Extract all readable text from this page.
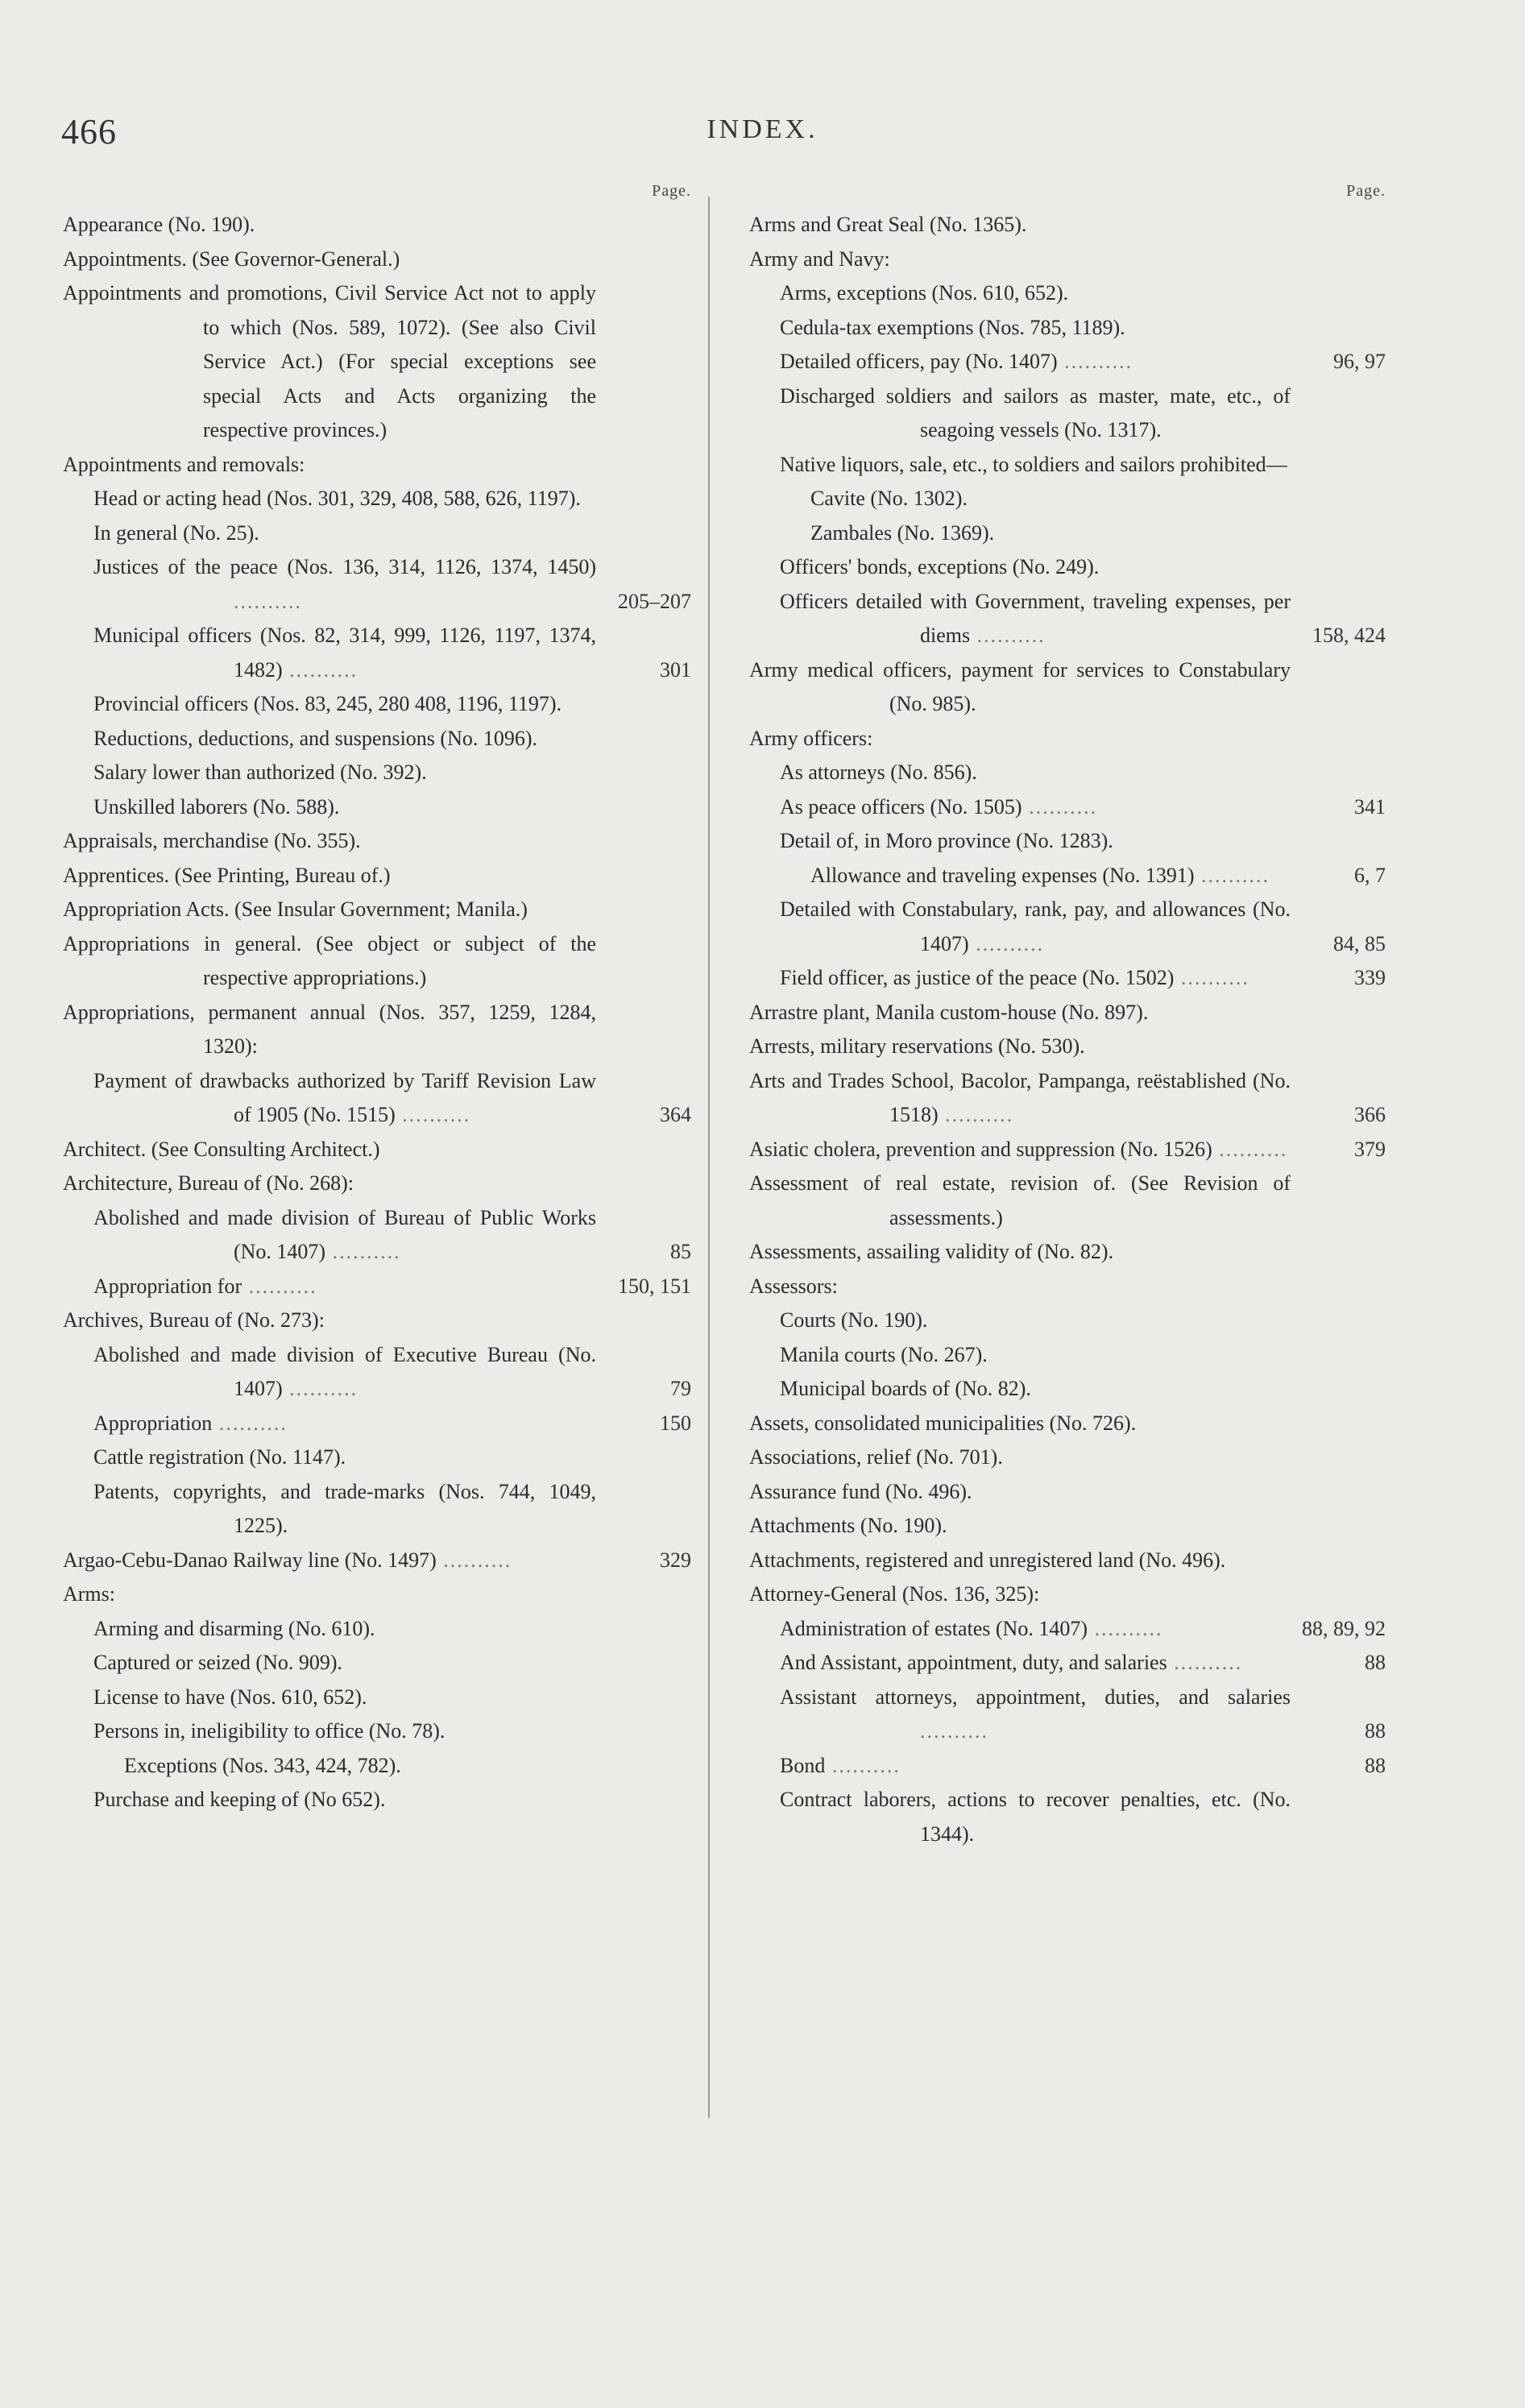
466	INDEX.
Page.
Appearance (No. 190).
Appointments. (See Governor-General.)
Appointments and promotions, Civil Service Act not to apply to which (Nos. 589, 1072). (See also Civil Service Act.) (For special exceptions see special Acts and Acts organizing the respective provinces.)
Appointments and removals:
Head or acting head (Nos. 301, 329, 408, 588, 626, 1197).
In general (No. 25).
Justices of the peace (Nos. 136, 314, 1126, 1374, 1450) ..........	205–207
Municipal officers (Nos. 82, 314, 999, 1126, 1197, 1374, 1482) ..........	301
Provincial officers (Nos. 83, 245, 280 408, 1196, 1197).
Reductions, deductions, and suspensions (No. 1096).
Salary lower than authorized (No. 392).
Unskilled laborers (No. 588).
Appraisals, merchandise (No. 355).
Apprentices. (See Printing, Bureau of.)
Appropriation Acts. (See Insular Government; Manila.)
Appropriations in general. (See object or subject of the respective appropriations.)
Appropriations, permanent annual (Nos. 357, 1259, 1284, 1320):
Payment of drawbacks authorized by Tariff Revision Law of 1905 (No. 1515) ..........	364
Architect. (See Consulting Architect.)
Architecture, Bureau of (No. 268):
Abolished and made division of Bureau of Public Works (No. 1407) ..........	85
Appropriation for ..........	150, 151
Archives, Bureau of (No. 273):
Abolished and made division of Executive Bureau (No. 1407) ..........	79
Appropriation ..........	150
Cattle registration (No. 1147).
Patents, copyrights, and trade-marks (Nos. 744, 1049, 1225).
Argao-Cebu-Danao Railway line (No. 1497) ..........	329
Arms:
Arming and disarming (No. 610).
Captured or seized (No. 909).
License to have (Nos. 610, 652).
Persons in, ineligibility to office (No. 78).
Exceptions (Nos. 343, 424, 782).
Purchase and keeping of (No 652).
Page.
Arms and Great Seal (No. 1365).
Army and Navy:
Arms, exceptions (Nos. 610, 652).
Cedula-tax exemptions (Nos. 785, 1189).
Detailed officers, pay (No. 1407) ..........	96, 97
Discharged soldiers and sailors as master, mate, etc., of seagoing vessels (No. 1317).
Native liquors, sale, etc., to soldiers and sailors prohibited—
Cavite (No. 1302).
Zambales (No. 1369).
Officers' bonds, exceptions (No. 249).
Officers detailed with Government, traveling expenses, per diems ..........	158, 424
Army medical officers, payment for services to Constabulary (No. 985).
Army officers:
As attorneys (No. 856).
As peace officers (No. 1505) ..........	341
Detail of, in Moro province (No. 1283).
Allowance and traveling expenses (No. 1391) ..........	6, 7
Detailed with Constabulary, rank, pay, and allowances (No. 1407) ..........	84, 85
Field officer, as justice of the peace (No. 1502) ..........	339
Arrastre plant, Manila custom-house (No. 897).
Arrests, military reservations (No. 530).
Arts and Trades School, Bacolor, Pampanga, reëstablished (No. 1518) ..........	366
Asiatic cholera, prevention and suppression (No. 1526) ..........	379
Assessment of real estate, revision of. (See Revision of assessments.)
Assessments, assailing validity of (No. 82).
Assessors:
Courts (No. 190).
Manila courts (No. 267).
Municipal boards of (No. 82).
Assets, consolidated municipalities (No. 726).
Associations, relief (No. 701).
Assurance fund (No. 496).
Attachments (No. 190).
Attachments, registered and unregistered land (No. 496).
Attorney-General (Nos. 136, 325):
Administration of estates (No. 1407) ..........	88, 89, 92
And Assistant, appointment, duty, and salaries ..........	88
Assistant attorneys, appointment, duties, and salaries ..........	88
Bond ..........	88
Contract laborers, actions to recover penalties, etc. (No. 1344).
